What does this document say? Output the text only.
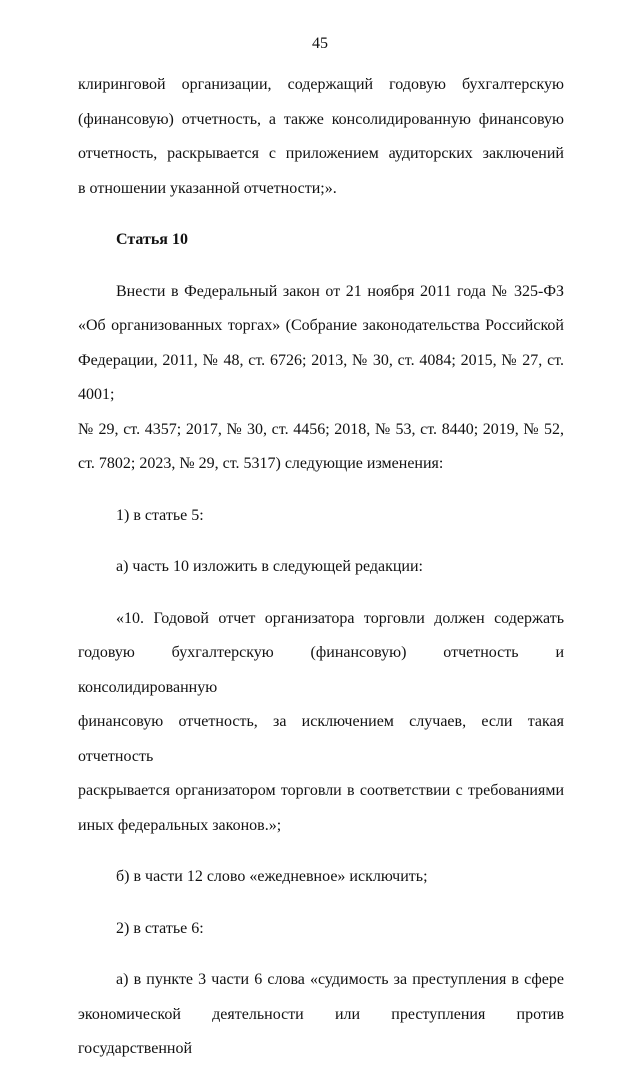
45

клиринговой организации, содержащий годовую бухгалтерскую
(финансовую) отчетность, а также консолидированную финансовую
отчетность, раскрывается с приложением аудиторских заключений
в отношении указанной отчетности;».

Статья 10

Внести в Федеральный закон от 21 ноября 2011 года № 325-ФЗ
«Об организованных торгах» (Собрание законодательства Российской
Федерации, 2011, № 48, ст. 6726; 2013, № 30, ст. 4084; 2015, № 27, ст. 4001;
№ 29, ст. 4357; 2017, № 30, ст. 4456; 2018, № 53, ст. 8440; 2019, № 52,
ст. 7802; 2023, № 29, ст. 5317) следующие изменения:

1) в статье 5:

а) часть 10 изложить в следующей редакции:

«10. Годовой отчет организатора торговли должен содержать
годовую бухгалтерскую (финансовую) отчетность и консолидированную
финансовую отчетность, за исключением случаев, если такая отчетность
раскрывается организатором торговли в соответствии с требованиями
иных федеральных законов.»;

б) в части 12 слово «ежедневное» исключить;

2) в статье 6:

а) в пункте 3 части 6 слова «судимость за преступления в сфере
экономической деятельности или преступления против государственной
